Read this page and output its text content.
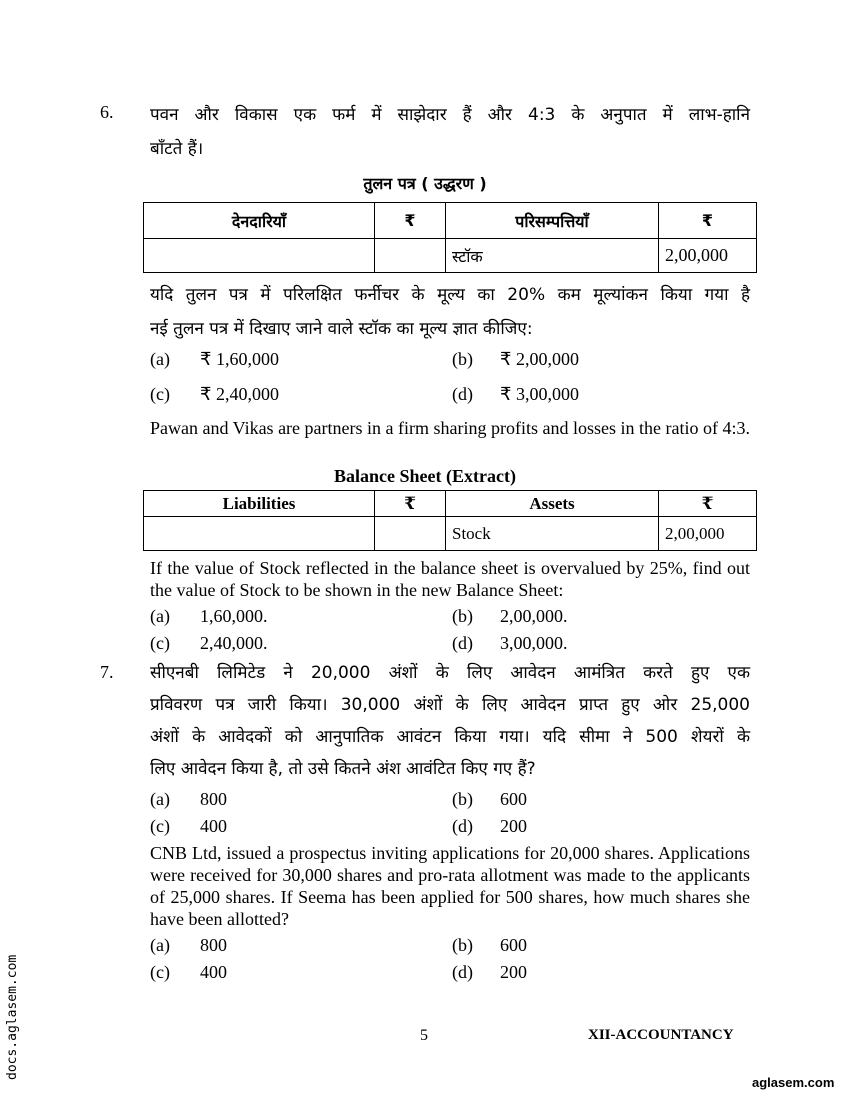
6. पवन और विकास एक फर्म में साझेदार हैं और 4:3 के अनुपात में लाभ-हानि
बाँटते हैं।
तुलन पत्र ( उद्धरण )
देनदारियाँ	₹	परिसम्पत्तियाँ	₹
		स्टॉक	2,00,000
यदि तुलन पत्र में परिलक्षित फर्नीचर के मूल्य का 20% कम मूल्यांकन किया गया है
नई तुलन पत्र में दिखाए जाने वाले स्टॉक का मूल्य ज्ञात कीजिए:
(a) ₹ 1,60,000	(b) ₹ 2,00,000
(c) ₹ 2,40,000	(d) ₹ 3,00,000
Pawan and Vikas are partners in a firm sharing profits and losses in the ratio of 4:3.
Balance Sheet (Extract)
Liabilities	₹	Assets	₹
		Stock	2,00,000
If the value of Stock reflected in the balance sheet is overvalued by 25%, find out the value of Stock to be shown in the new Balance Sheet:
(a) 1,60,000.	(b) 2,00,000.
(c) 2,40,000.	(d) 3,00,000.
7. सीएनबी लिमिटेड ने 20,000 अंशों के लिए आवेदन आमंत्रित करते हुए एक
प्रविवरण पत्र जारी किया। 30,000 अंशों के लिए आवेदन प्राप्त हुए ओर 25,000
अंशों के आवेदकों को आनुपातिक आवंटन किया गया। यदि सीमा ने 500 शेयरों के
लिए आवेदन किया है, तो उसे कितने अंश आवंटित किए गए हैं?
(a) 800	(b) 600
(c) 400	(d) 200
CNB Ltd, issued a prospectus inviting applications for 20,000 shares. Applications were received for 30,000 shares and pro-rata allotment was made to the applicants of 25,000 shares. If Seema has been applied for 500 shares, how much shares she have been allotted?
(a) 800	(b) 600
(c) 400	(d) 200
5	XII-ACCOUNTANCY
docs.aglasem.com
aglasem.com
